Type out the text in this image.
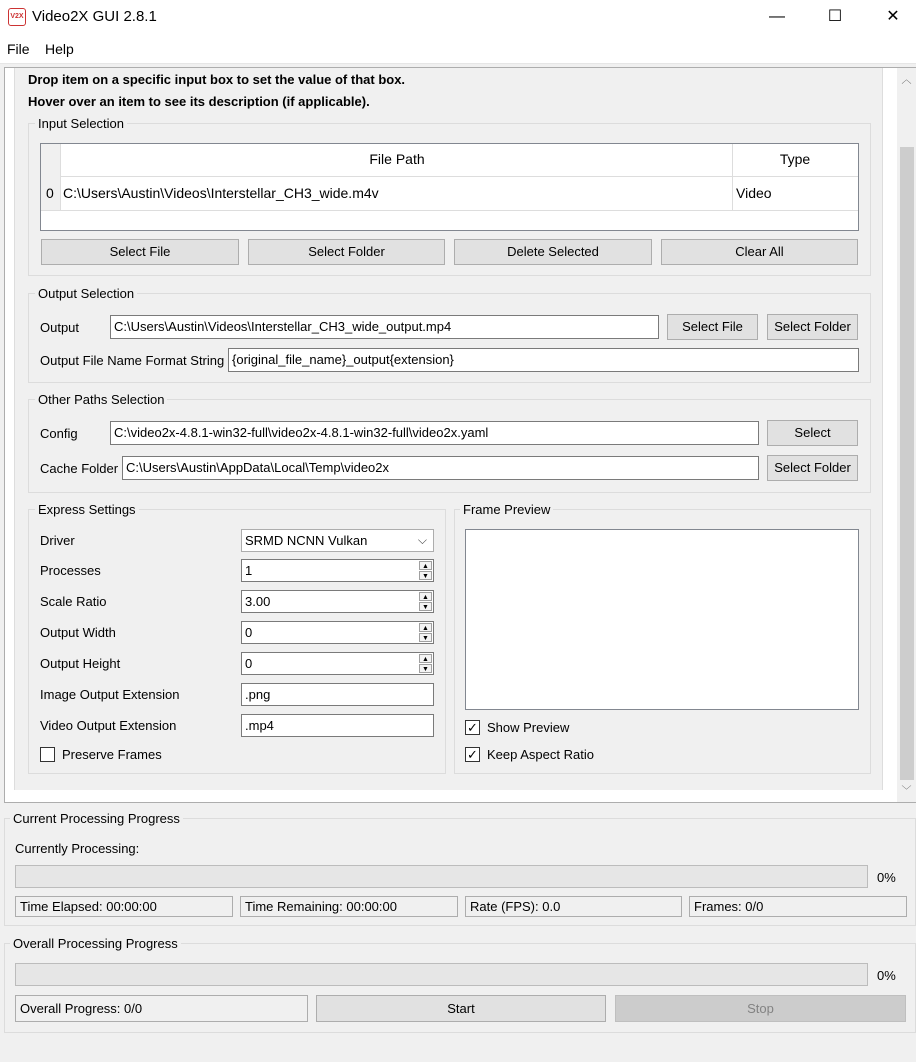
V2X Video2X GUI 2.8.1	—	☐	✕
File Help
︿
﹀
Drop item on a specific input box to set the value of that box.
Hover over an item to see its description (if applicable).
Input Selection
File Path	Type
0 C:\Users\Austin\Videos\Interstellar_CH3_wide.m4v	Video
Select File	Select Folder	Delete Selected	Clear All
Output Selection
Output	C:\Users\Austin\Videos\Interstellar_CH3_wide_output.mp4	Select File	Select Folder
Output File Name Format String {original_file_name}_output{extension}
Other Paths Selection
Config	C:\video2x-4.8.1-win32-full\video2x-4.8.1-win32-full\video2x.yaml	Select
Cache Folder C:\Users\Austin\AppData\Local\Temp\video2x	Select Folder
Express Settings
Driver	SRMD NCNN Vulkan	⌵
Processes	1	▲
▼
Scale Ratio	3.00	▲
▼
Output Width	0	▲
▼
Output Height	0	▲
▼
Image Output Extension	.png
Video Output Extension	.mp4
Preserve Frames
Frame Preview
✓ Show Preview
✓ Keep Aspect Ratio
Current Processing Progress
Currently Processing:
0%
Time Elapsed: 00:00:00	Time Remaining: 00:00:00	Rate (FPS): 0.0	Frames: 0/0
Overall Processing Progress
0%
Overall Progress: 0/0	Start	Stop
